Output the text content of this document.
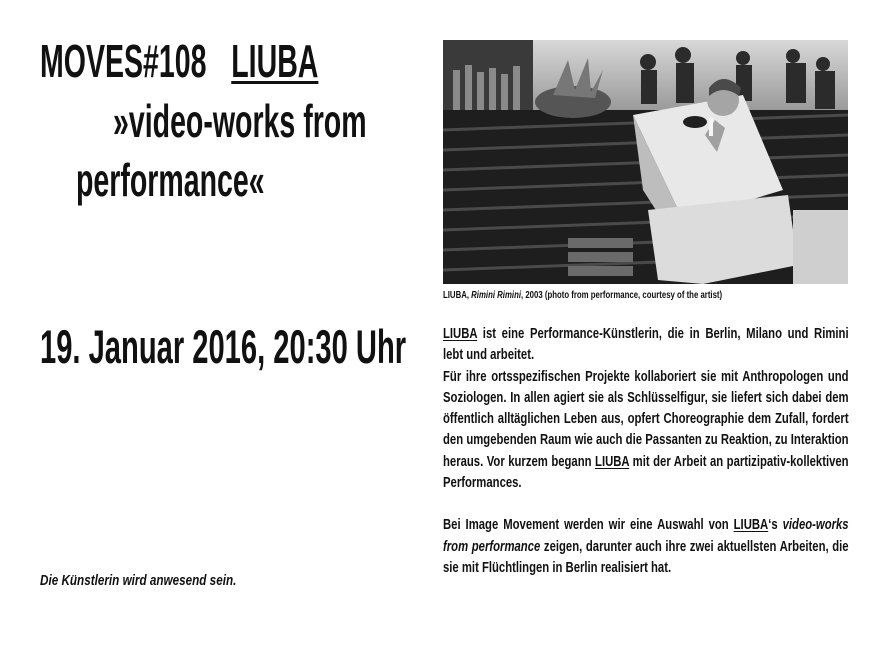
MOVES#108 LIUBA
»video-works from
performance«
19. Januar 2016, 20:30 Uhr
Die Künstlerin wird anwesend sein.
LIUBA, Rimini Rimini, 2003 (photo from performance, courtesy of the artist)

LIUBA ist eine Performance-Künstlerin, die in Berlin, Milano und Rimini lebt und arbeitet.
Für ihre ortsspezifischen Projekte kollaboriert sie mit Anthropologen und Soziologen. In allen agiert sie als Schlüsselfigur, sie liefert sich dabei dem öffentlich alltäglichen Leben aus, opfert Choreographie dem Zufall, fordert den umgebenden Raum wie auch die Passanten zu Reaktion, zu Interaktion heraus. Vor kurzem begann LIUBA mit der Arbeit an partizipativ-kollektiven Performances.

Bei Image Movement werden wir eine Auswahl von LIUBA‘s video-works from performance zeigen, darunter auch ihre zwei aktuellsten Arbeiten, die sie mit Flüchtlingen in Berlin realisiert hat.
